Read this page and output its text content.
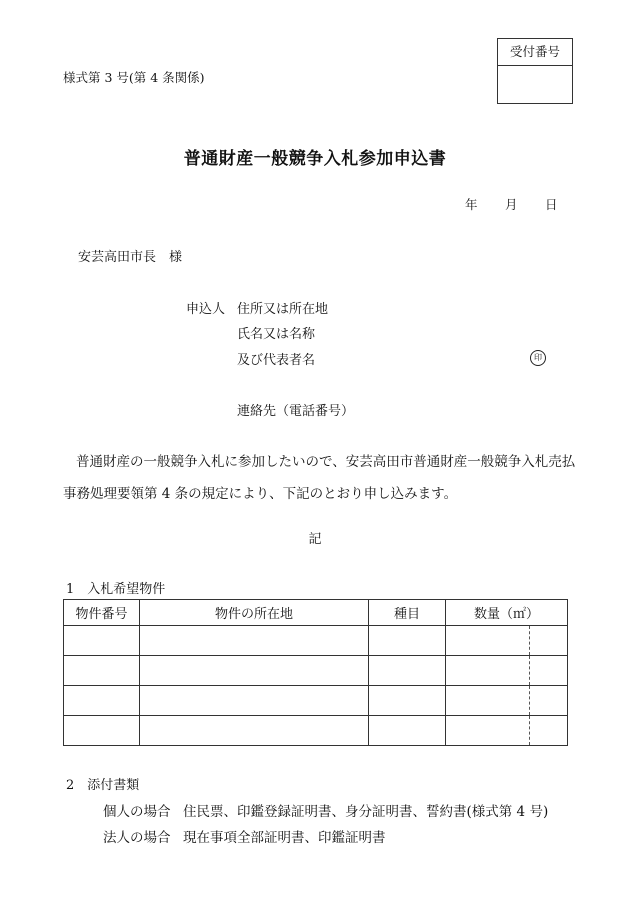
様式第 3 号(第 4 条関係)
受付番号
普通財産一般競争入札参加申込書
年 月 日
安芸高田市長　様
申込人 住所又は所在地
氏名又は名称
及び代表者名	印
連絡先（電話番号）
普通財産の一般競争入札に参加したいので、安芸高田市普通財産一般競争入札売払事務処理要領第 4 条の規定により、下記のとおり申し込みます。
記
1　入札希望物件
物件番号	物件の所在地	種目	数量（㎡）

2　添付書類
個人の場合 住民票、印鑑登録証明書、身分証明書、誓約書(様式第 4 号)
法人の場合 現在事項全部証明書、印鑑証明書
